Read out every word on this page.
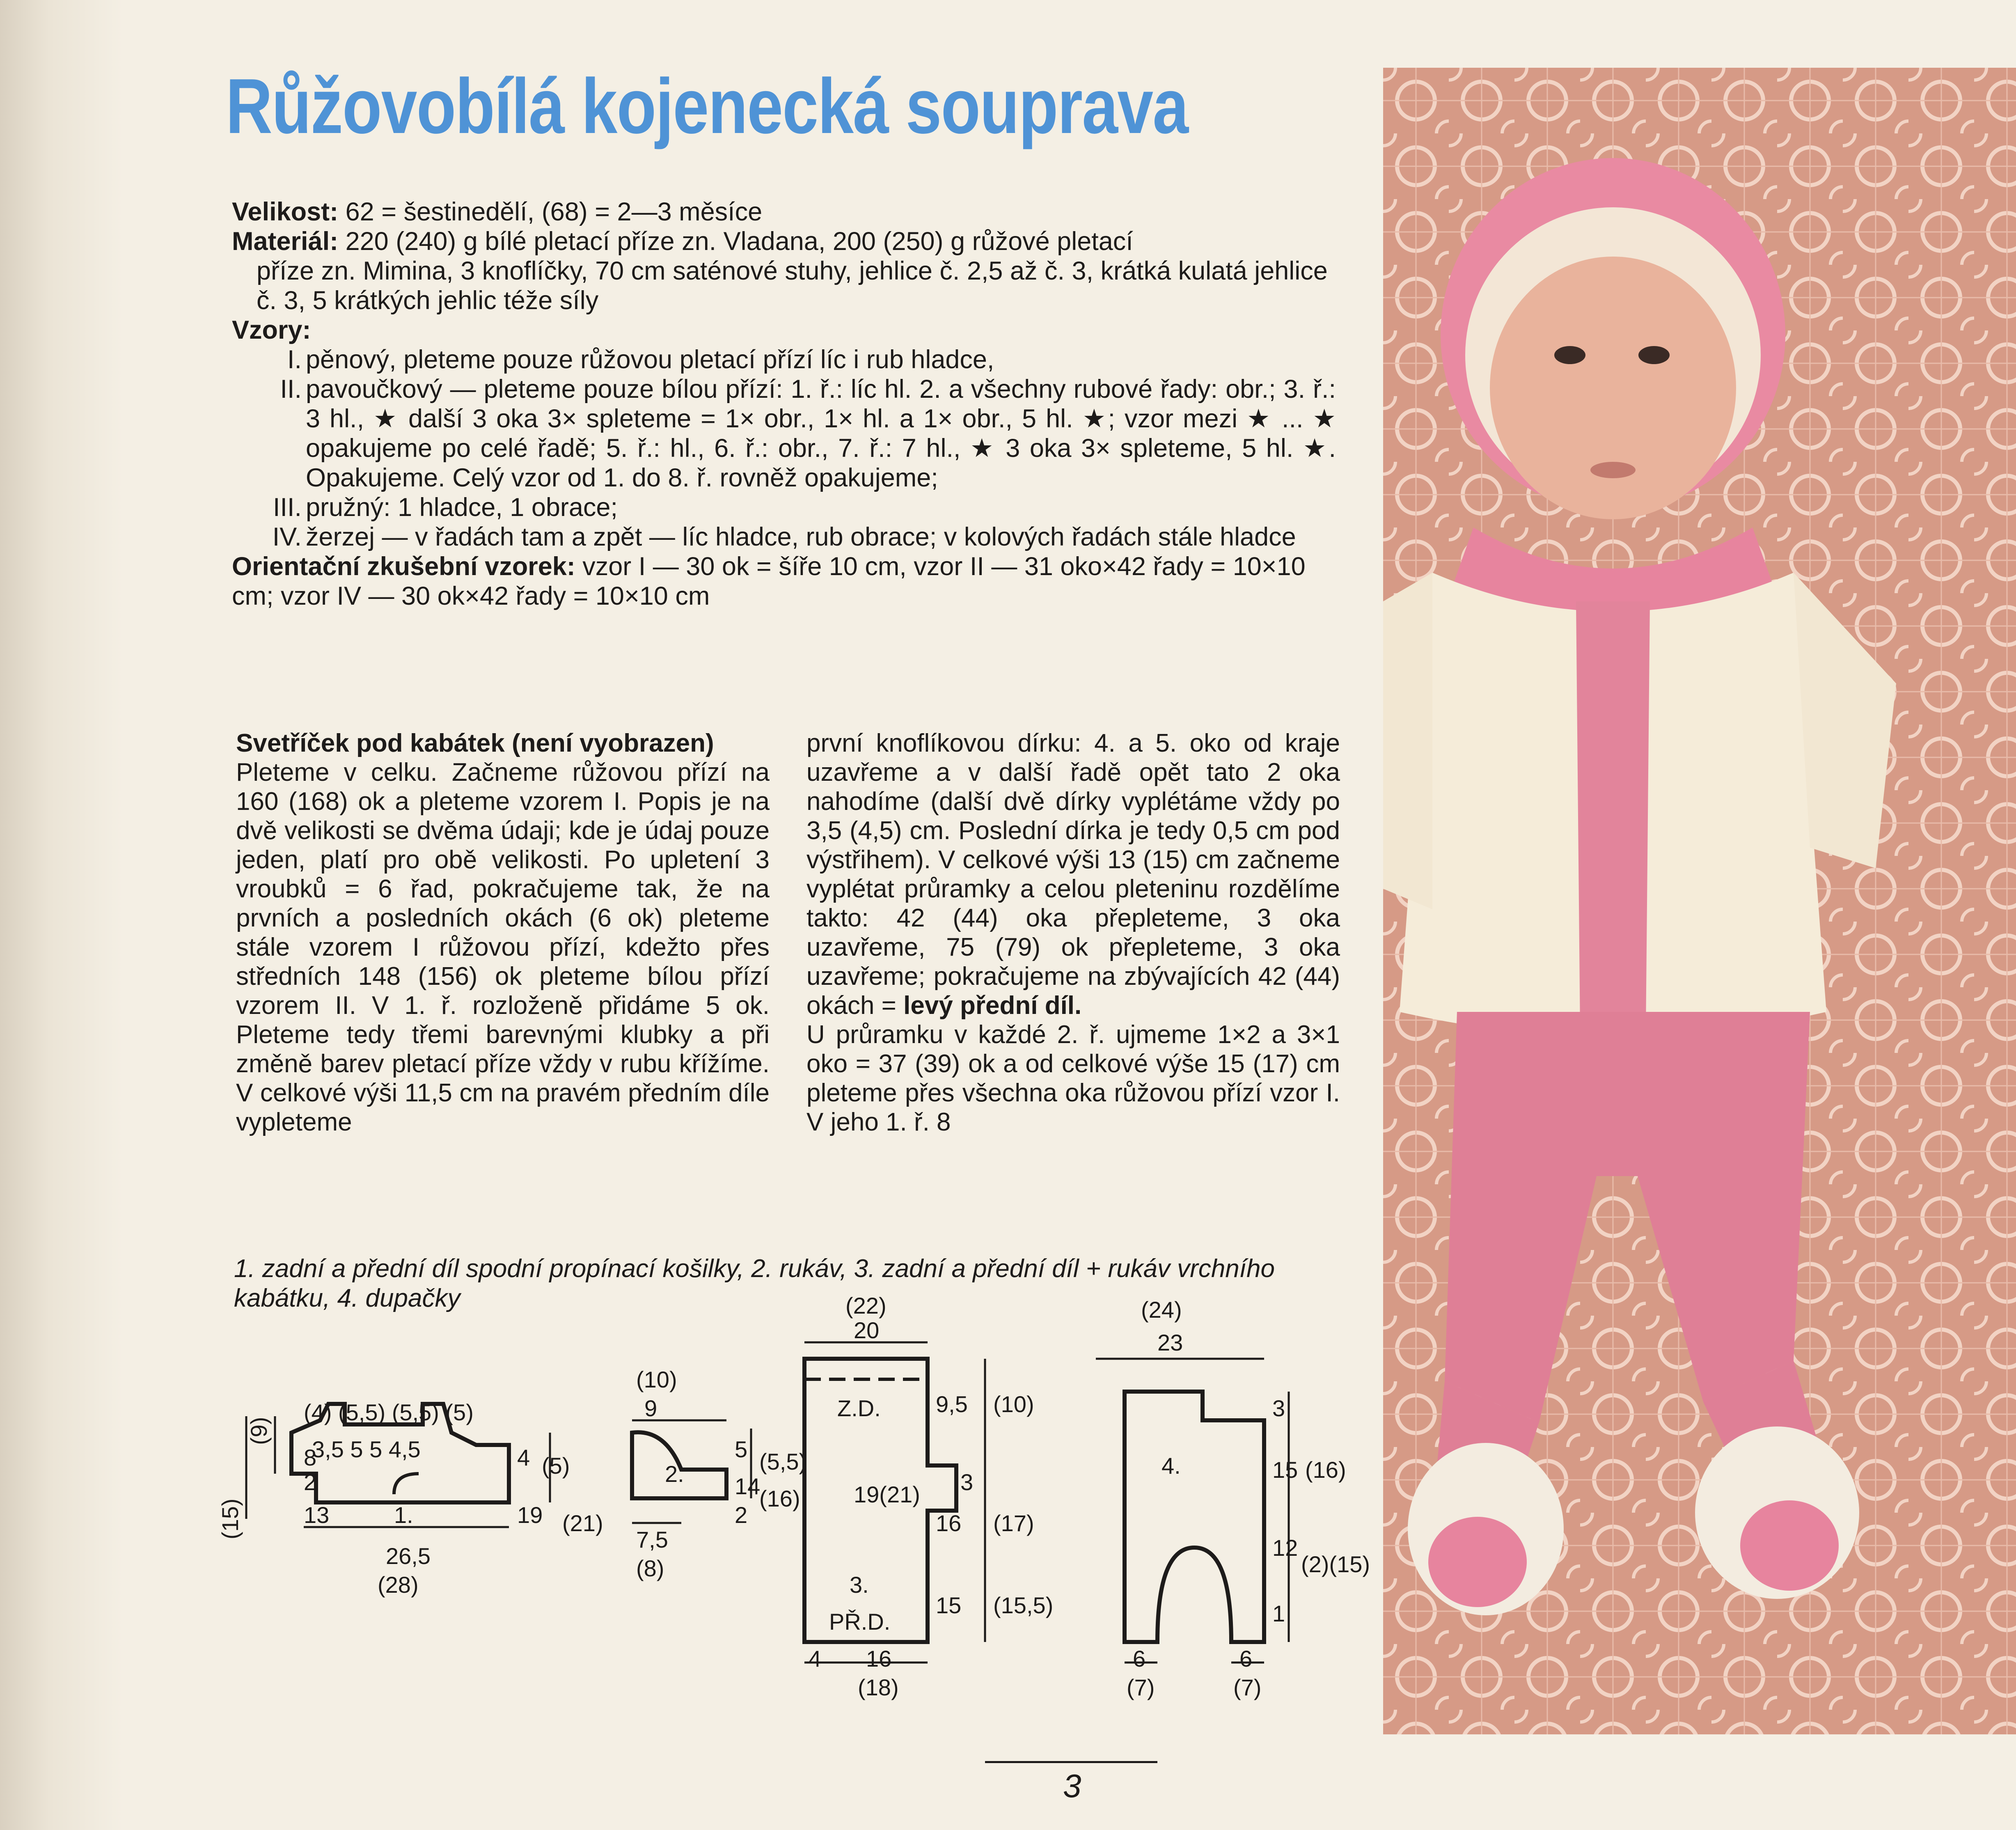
Růžovobílá kojenecká souprava

Velikost: 62 = šestinedělí, (68) = 2—3 měsíce

Materiál: 220 (240) g bílé pletací příze zn. Vladana, 200 (250) g růžové pletací

příze zn. Mimina, 3 knoflíčky, 70 cm saténové stuhy, jehlice č. 2,5 až č. 3, krátká kulatá jehlice č. 3, 5 krátkých jehlic téže síly

Vzory:

I. pěnový, pleteme pouze růžovou pletací přízí líc i rub hladce,

II. pavoučkový — pleteme pouze bílou přízí: 1. ř.: líc hl. 2. a všechny rubové řady: obr.; 3. ř.: 3 hl., ★ další 3 oka 3× spleteme = 1× obr., 1× hl. a 1× obr., 5 hl. ★; vzor mezi ★ ... ★ opakujeme po celé řadě; 5. ř.: hl., 6. ř.: obr., 7. ř.: 7 hl., ★ 3 oka 3× spleteme, 5 hl. ★. Opakujeme. Celý vzor od 1. do 8. ř. rovněž opakujeme;

III. pružný: 1 hladce, 1 obrace;

IV. žerzej — v řadách tam a zpět — líc hladce, rub obrace; v kolových řadách stále hladce

Orientační zkušební vzorek: vzor I — 30 ok = šíře 10 cm, vzor II — 31 oko×42 řady = 10×10 cm; vzor IV — 30 ok×42 řady = 10×10 cm

Svetříček pod kabátek (není vyobrazen)

Pleteme v celku. Začneme růžovou přízí na 160 (168) ok a pleteme vzorem I. Popis je na dvě velikosti se dvěma údaji; kde je údaj pouze jeden, platí pro obě velikosti. Po upletení 3 vroubků = 6 řad, pokračujeme tak, že na prvních a posledních okách (6 ok) pleteme stále vzorem I růžovou přízí, kdežto přes středních 148 (156) ok pleteme bílou přízí vzorem II. V 1. ř. rozloženě přidáme 5 ok. Pleteme tedy třemi barevnými klubky a při změně barev pletací příze vždy v rubu křížíme. V celkové výši 11,5 cm na pravém předním díle vypleteme

první knoflíkovou dírku: 4. a 5. oko od kraje uzavřeme a v další řadě opět tato 2 oka nahodíme (další dvě dírky vyplétáme vždy po 3,5 (4,5) cm. Poslední dírka je tedy 0,5 cm pod výstřihem). V celkové výši 13 (15) cm začneme vyplétat průramky a celou pleteninu rozdělíme takto: 42 (44) oka přepleteme, 3 oka uzavřeme, 75 (79) ok přepleteme, 3 oka uzavřeme; pokračujeme na zbývajících 42 (44) okách = levý přední díl.

U průramku v každé 2. ř. ujmeme 1×2 a 3×1 oko = 37 (39) ok a od celkové výše 15 (17) cm pleteme přes všechna oka růžovou přízí vzor I. V jeho 1. ř. 8

1. zadní a přední díl spodní propínací košilky, 2. rukáv, 3. zadní a přední díl + rukáv vrchního kabátku, 4. dupačky
(4) (5,5) (5,5) (5)
3,5 5 5 4,5
(15)
(9)
8
2
13
4 (5)
19 (21)
1.
26,5
(28)
(10)
9
5 (5,5)
14
(16)
2
2.
7,5
(8)
(22)
20
Z.D.
19(21)
3.
PŘ.D.
9,5 (10)
3
16 (17)
15 (15,5)
4 16
(18)
(24)
23
4.
3
15 (16)
12
(2)(15)
1
6
(7)
6
(7)
3
